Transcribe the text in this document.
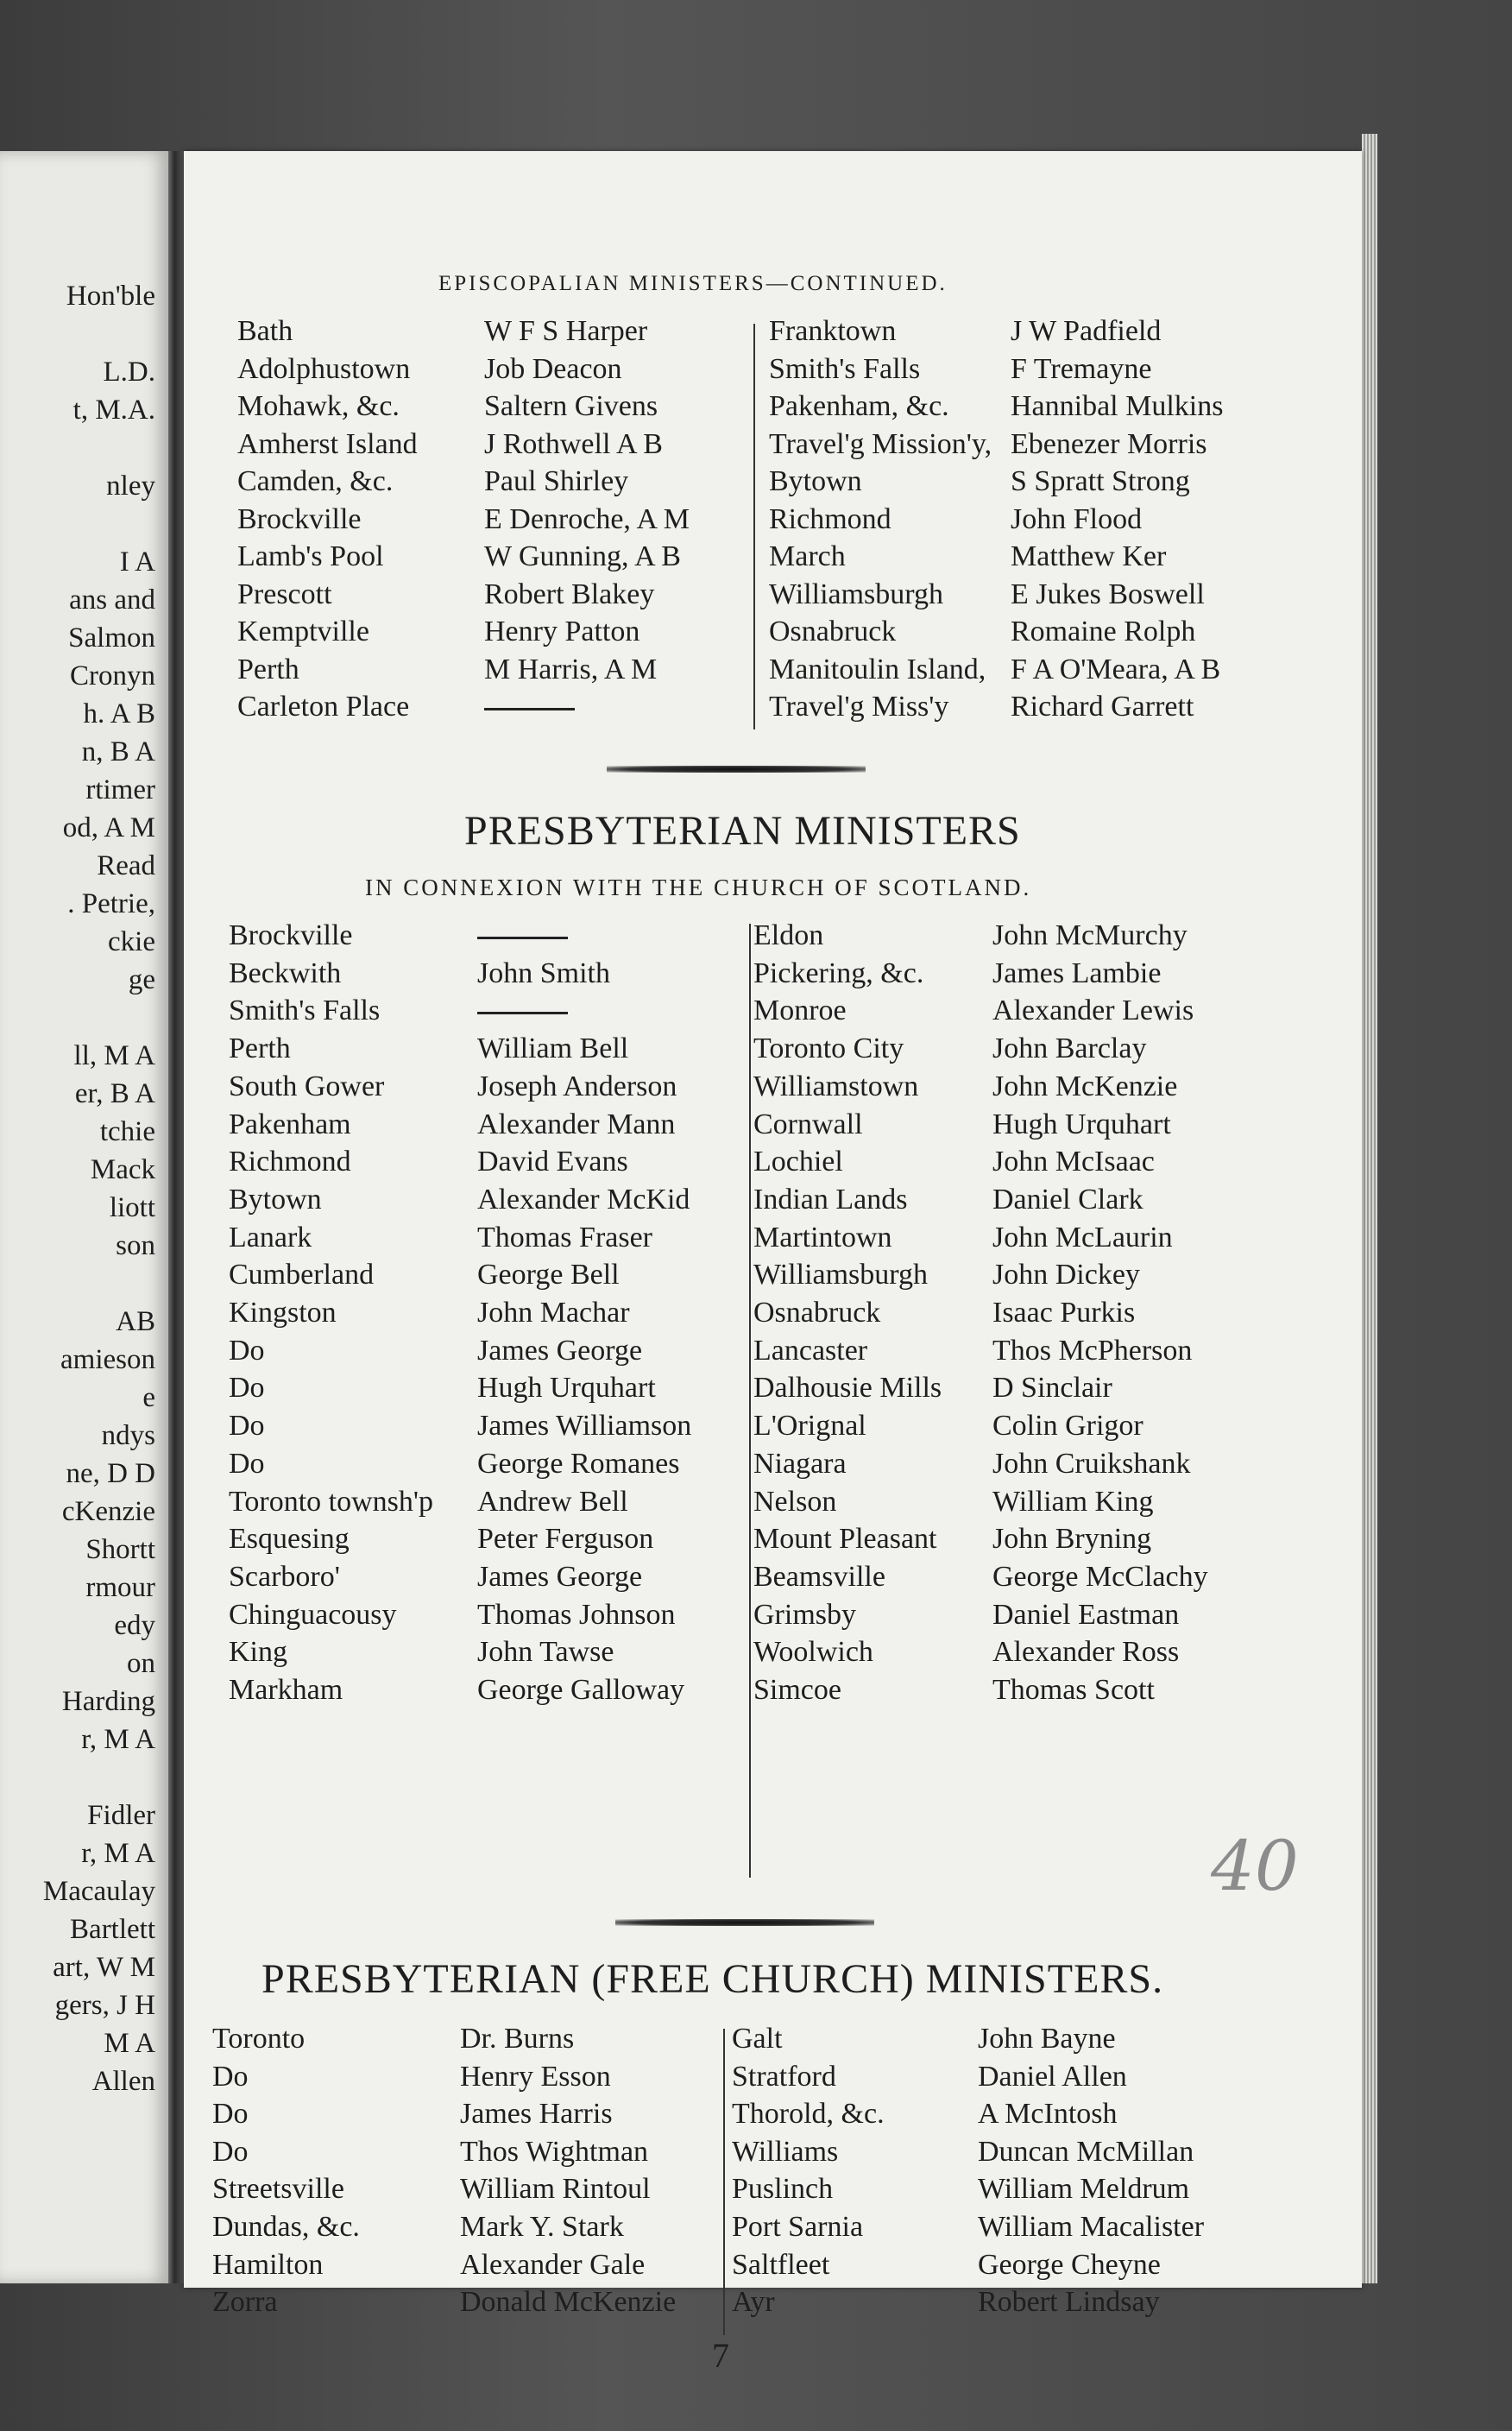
Hon'ble
L.D.
t, M.A.
nley
I A
ans and
Salmon
Cronyn
h. A B
n, B A
rtimer
od, A M
Read
. Petrie,
ckie
ge
ll, M A
er, B A
tchie
Mack
liott
son
AB
amieson
e
ndys
ne, D D
cKenzie
Shortt
rmour
edy
on
Harding
r, M A
Fidler
r, M A
Macaulay
Bartlett
art, W M
gers, J H
M A
Allen
EPISCOPALIAN MINISTERS—CONTINUED.
Bath	W F S Harper
Adolphustown	Job Deacon
Mohawk, &c.	Saltern Givens
Amherst Island J Rothwell A B
Camden, &c.	Paul Shirley
Brockville	E Denroche, A M
Lamb's Pool	W Gunning, A B
Prescott	Robert Blakey
Kemptville	Henry Patton
Perth	M Harris, A M
Carleton Place
Franktown	J W Padfield
Smith's Falls	F Tremayne
Pakenham, &c. Hannibal Mulkins
Travel'g Mission'y, Ebenezer Morris
Bytown	S Spratt Strong
Richmond	John Flood
March	Matthew Ker
Williamsburgh E Jukes Boswell
Osnabruck	Romaine Rolph
Manitoulin Island, F A O'Meara, A B
Travel'g Miss'y Richard Garrett
PRESBYTERIAN MINISTERS
IN CONNEXION WITH THE CHURCH OF SCOTLAND.
Brockville
Beckwith	John Smith
Smith's Falls
Perth	William Bell
South Gower	Joseph Anderson
Pakenham	Alexander Mann
Richmond	David Evans
Bytown	Alexander McKid
Lanark	Thomas Fraser
Cumberland	George Bell
Kingston	John Machar
Do	James George
Do	Hugh Urquhart
Do	James Williamson
Do	George Romanes
Toronto townsh'p Andrew Bell
Esquesing	Peter Ferguson
Scarboro'	James George
Chinguacousy	Thomas Johnson
King	John Tawse
Markham	George Galloway
Eldon	John McMurchy
Pickering, &c. James Lambie
Monroe	Alexander Lewis
Toronto City	John Barclay
Williamstown	John McKenzie
Cornwall	Hugh Urquhart
Lochiel	John McIsaac
Indian Lands	Daniel Clark
Martintown	John McLaurin
Williamsburgh John Dickey
Osnabruck	Isaac Purkis
Lancaster	Thos McPherson
Dalhousie Mills D Sinclair
L'Orignal	Colin Grigor
Niagara	John Cruikshank
Nelson	William King
Mount Pleasant John Bryning
Beamsville	George McClachy
Grimsby	Daniel Eastman
Woolwich	Alexander Ross
Simcoe	Thomas Scott
PRESBYTERIAN (FREE CHURCH) MINISTERS.
Toronto	Dr. Burns
Do	Henry Esson
Do	James Harris
Do	Thos Wightman
Streetsville	William Rintoul
Dundas, &c.	Mark Y. Stark
Hamilton	Alexander Gale
Zorra	Donald McKenzie
Galt	John Bayne
Stratford	Daniel Allen
Thorold, &c.	A McIntosh
Williams	Duncan McMillan
Puslinch	William Meldrum
Port Sarnia	William Macalister
Saltfleet	George Cheyne
Ayr	Robert Lindsay
7
40
